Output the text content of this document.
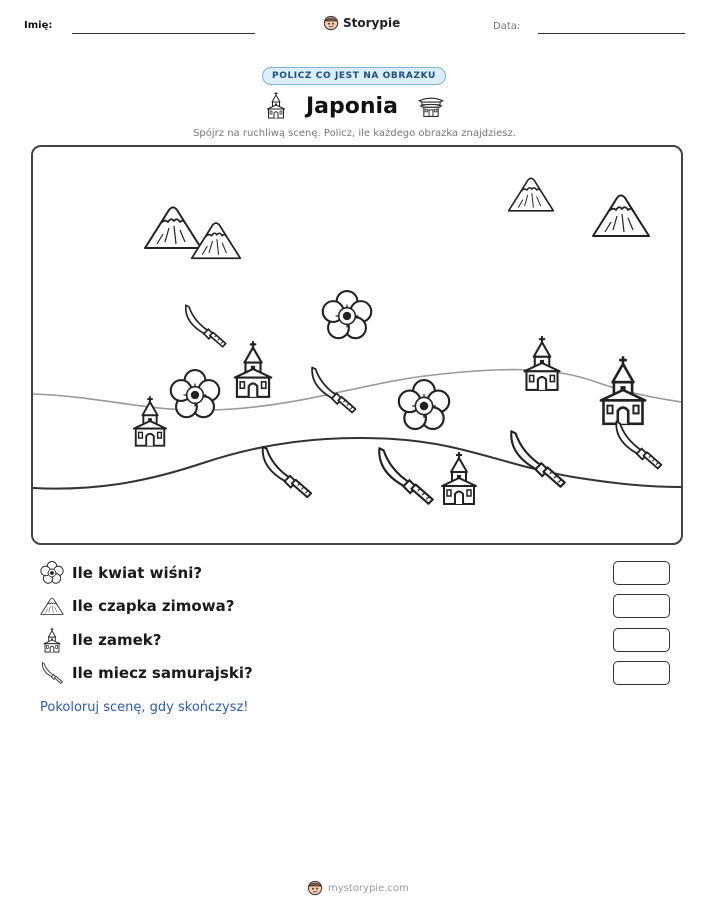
Imię:	Storypie	Data:
POLICZ CO JEST NA OBRAZKU
Japonia
Spójrz na ruchliwą scenę. Policz, ile każdego obrazka znajdziesz.
Ile kwiat wiśni?
Ile czapka zimowa?
Ile zamek?
Ile miecz samurajski?
Pokoloruj scenę, gdy skończysz!
mystorypie.com
